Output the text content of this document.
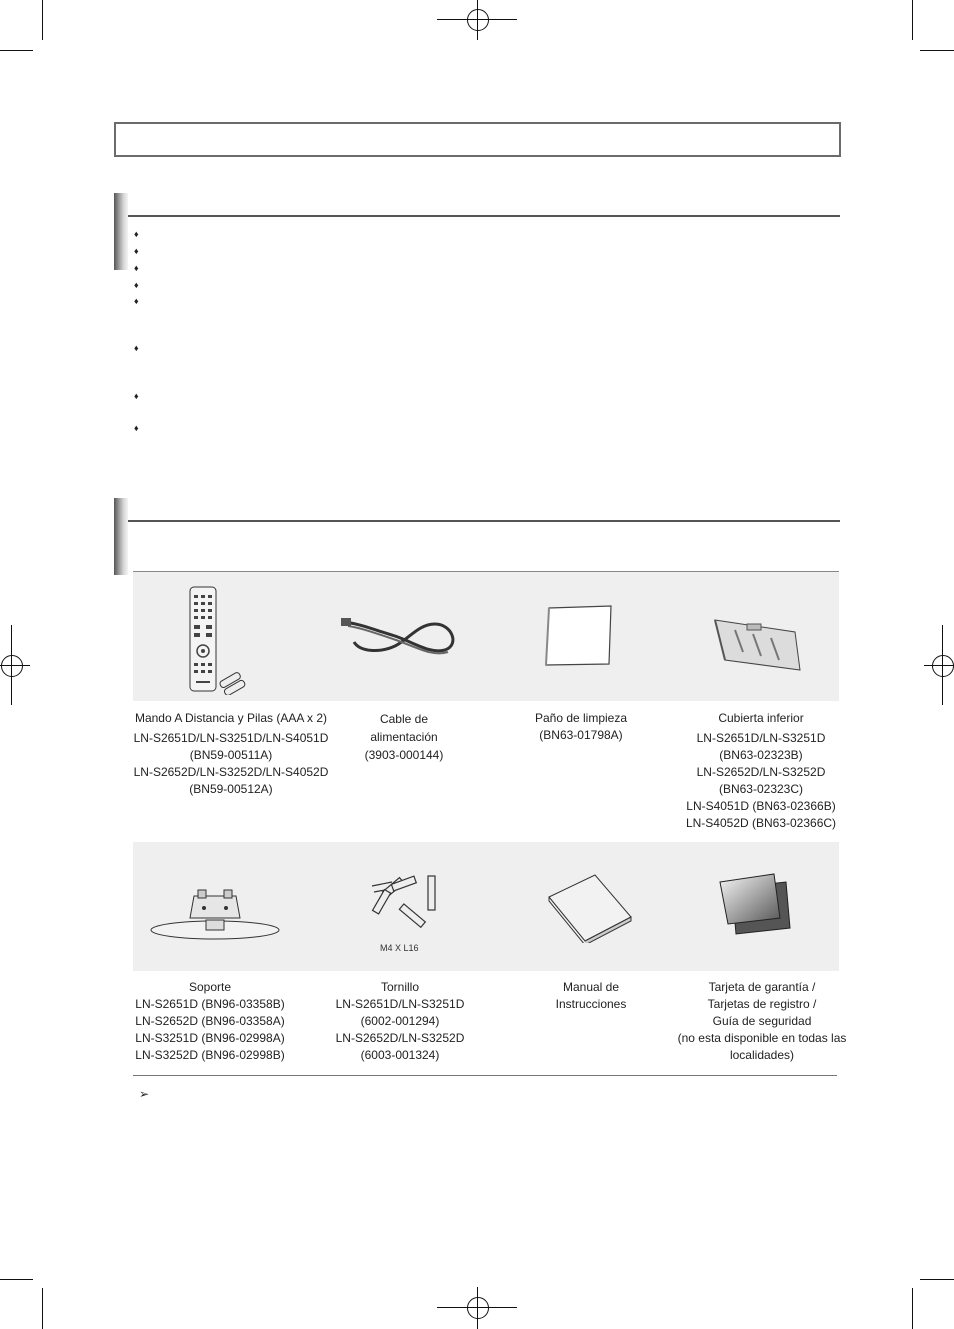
♦
♦
♦
♦
♦
♦
♦
♦
Mando A Distancia y Pilas (AAA x 2)
LN-S2651D/LN-S3251D/LN-S4051D
(BN59-00511A)
LN-S2652D/LN-S3252D/LN-S4052D
(BN59-00512A)
Cable de
alimentación
(3903-000144)
Paño de limpieza
(BN63-01798A)
Cubierta inferior
LN-S2651D/LN-S3251D
(BN63-02323B)
LN-S2652D/LN-S3252D
(BN63-02323C)
LN-S4051D (BN63-02366B)
LN-S4052D (BN63-02366C)
M4 X L16
Soporte
LN-S2651D (BN96-03358B)
LN-S2652D (BN96-03358A)
LN-S3251D (BN96-02998A)
LN-S3252D (BN96-02998B)
Tornillo
LN-S2651D/LN-S3251D
(6002-001294)
LN-S2652D/LN-S3252D
(6003-001324)
Manual de
Instrucciones
Tarjeta de garantía /
Tarjetas de registro /
Guía de seguridad
(no esta disponible en todas las
localidades)
➢
